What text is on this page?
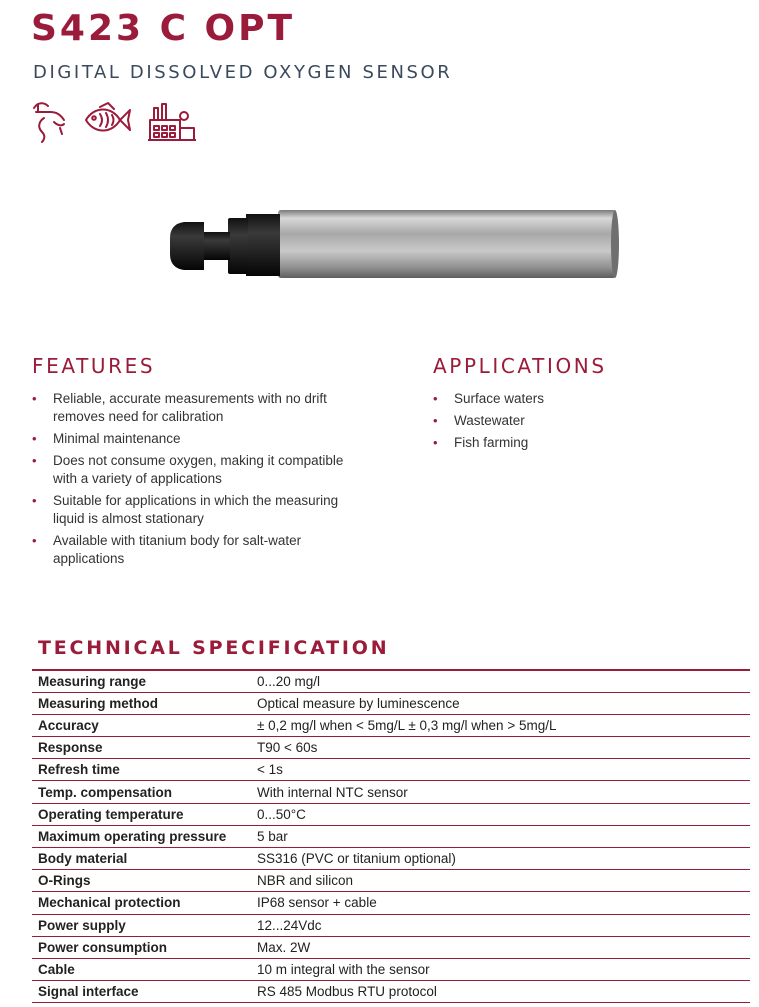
S423 C OPT
DIGITAL DISSOLVED OXYGEN SENSOR
FEATURES
• Reliable, accurate measurements with no drift removes need for calibration
• Minimal maintenance
• Does not consume oxygen, making it compatible with a variety of applications
• Suitable for applications in which the measuring liquid is almost stationary
• Available with titanium body for salt-water applications
APPLICATIONS
• Surface waters
• Wastewater
• Fish farming
TECHNICAL SPECIFICATION
Measuring range	0...20 mg/l
Measuring method	Optical measure by luminescence
Accuracy	± 0,2 mg/l when < 5mg/L ± 0,3 mg/l when > 5mg/L
Response	T90 < 60s
Refresh time	< 1s
Temp. compensation	With internal NTC sensor
Operating temperature	0...50°C
Maximum operating pressure	5 bar
Body material	SS316 (PVC or titanium optional)
O-Rings	NBR and silicon
Mechanical protection	IP68 sensor + cable
Power supply	12...24Vdc
Power consumption	Max. 2W
Cable	10 m integral with the sensor
Signal interface	RS 485 Modbus RTU protocol
